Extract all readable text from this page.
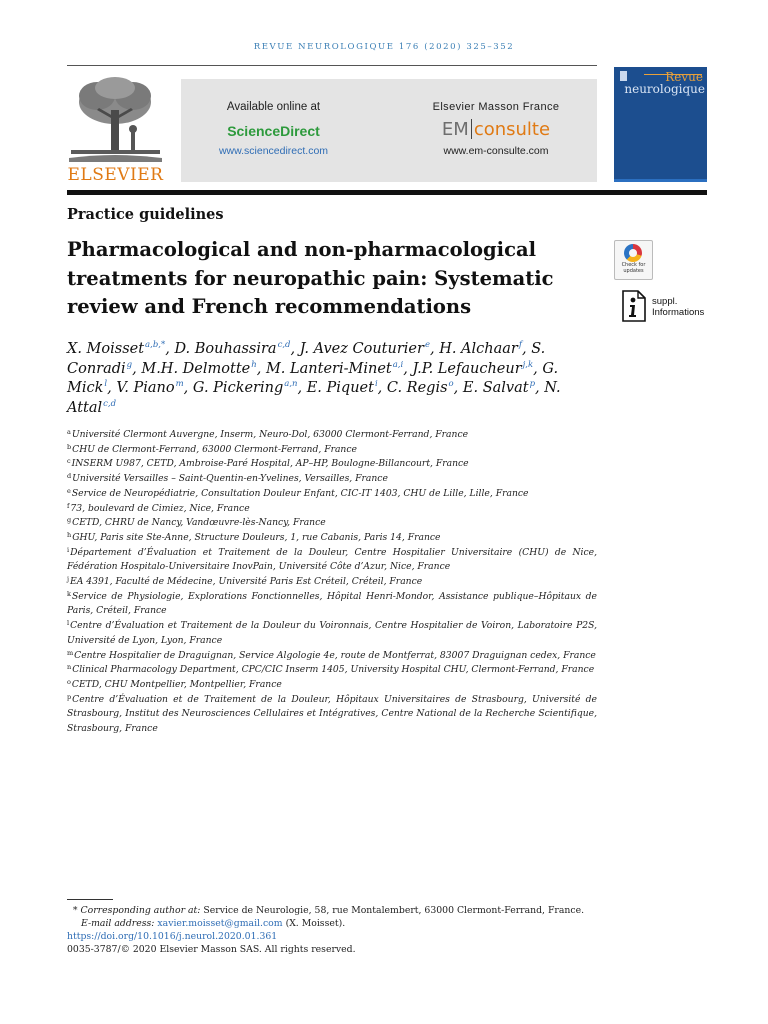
REVUE NEUROLOGIQUE 176 (2020) 325–352
ELSEVIER
Available online at
ScienceDirect
www.sciencedirect.com
Elsevier Masson France
EM consulte
www.em-consulte.com
Revue
neurologique
Practice guidelines
Pharmacological and non-pharmacological treatments for neuropathic pain: Systematic review and French recommendations
Check for
updates
suppl.
Informations
X. Moisset$^{a,b,*}$, D. Bouhassira$^{c,d}$, J. Avez Couturier$^e$, H. Alchaar$^f$, S. Conradi$^g$, M.H. Delmotte$^h$, M. Lanteri-Minet$^{a,i}$, J.P. Lefaucheur$^{j,k}$, G. Mick$^l$, V. Piano$^m$, G. Pickering$^{a,n}$, E. Piquet$^i$, C. Regis$^o$, E. Salvat$^p$, N. Attal$^{c,d}$
$^a$Université Clermont Auvergne, Inserm, Neuro-Dol, 63000 Clermont-Ferrand, France
$^b$CHU de Clermont-Ferrand, 63000 Clermont-Ferrand, France
$^c$INSERM U987, CETD, Ambroise-Paré Hospital, AP–HP, Boulogne-Billancourt, France
$^d$Université Versailles – Saint-Quentin-en-Yvelines, Versailles, France
$^e$Service de Neuropédiatrie, Consultation Douleur Enfant, CIC-IT 1403, CHU de Lille, Lille, France
$^f$73, boulevard de Cimiez, Nice, France
$^g$CETD, CHRU de Nancy, Vandœuvre-lès-Nancy, France
$^h$GHU, Paris site Ste-Anne, Structure Douleurs, 1, rue Cabanis, Paris 14, France
$^i$Département d’Évaluation et Traitement de la Douleur, Centre Hospitalier Universitaire (CHU) de Nice, Fédération Hospitalo-Universitaire InovPain, Université Côte d’Azur, Nice, France
$^j$EA 4391, Faculté de Médecine, Université Paris Est Créteil, Créteil, France
$^k$Service de Physiologie, Explorations Fonctionnelles, Hôpital Henri-Mondor, Assistance publique–Hôpitaux de Paris, Créteil, France
$^l$Centre d’Évaluation et Traitement de la Douleur du Voironnais, Centre Hospitalier de Voiron, Laboratoire P2S, Université de Lyon, Lyon, France
$^m$Centre Hospitalier de Draguignan, Service Algologie 4e, route de Montferrat, 83007 Draguignan cedex, France
$^n$Clinical Pharmacology Department, CPC/CIC Inserm 1405, University Hospital CHU, Clermont-Ferrand, France
$^o$CETD, CHU Montpellier, Montpellier, France
$^p$Centre d’Évaluation et de Traitement de la Douleur, Hôpitaux Universitaires de Strasbourg, Université de Strasbourg, Institut des Neurosciences Cellulaires et Intégratives, Centre National de la Recherche Scientifique, Strasbourg, France
* Corresponding author at: Service de Neurologie, 58, rue Montalembert, 63000 Clermont-Ferrand, France.
E-mail address: xavier.moisset@gmail.com (X. Moisset).
https://doi.org/10.1016/j.neurol.2020.01.361
0035-3787/© 2020 Elsevier Masson SAS. All rights reserved.
